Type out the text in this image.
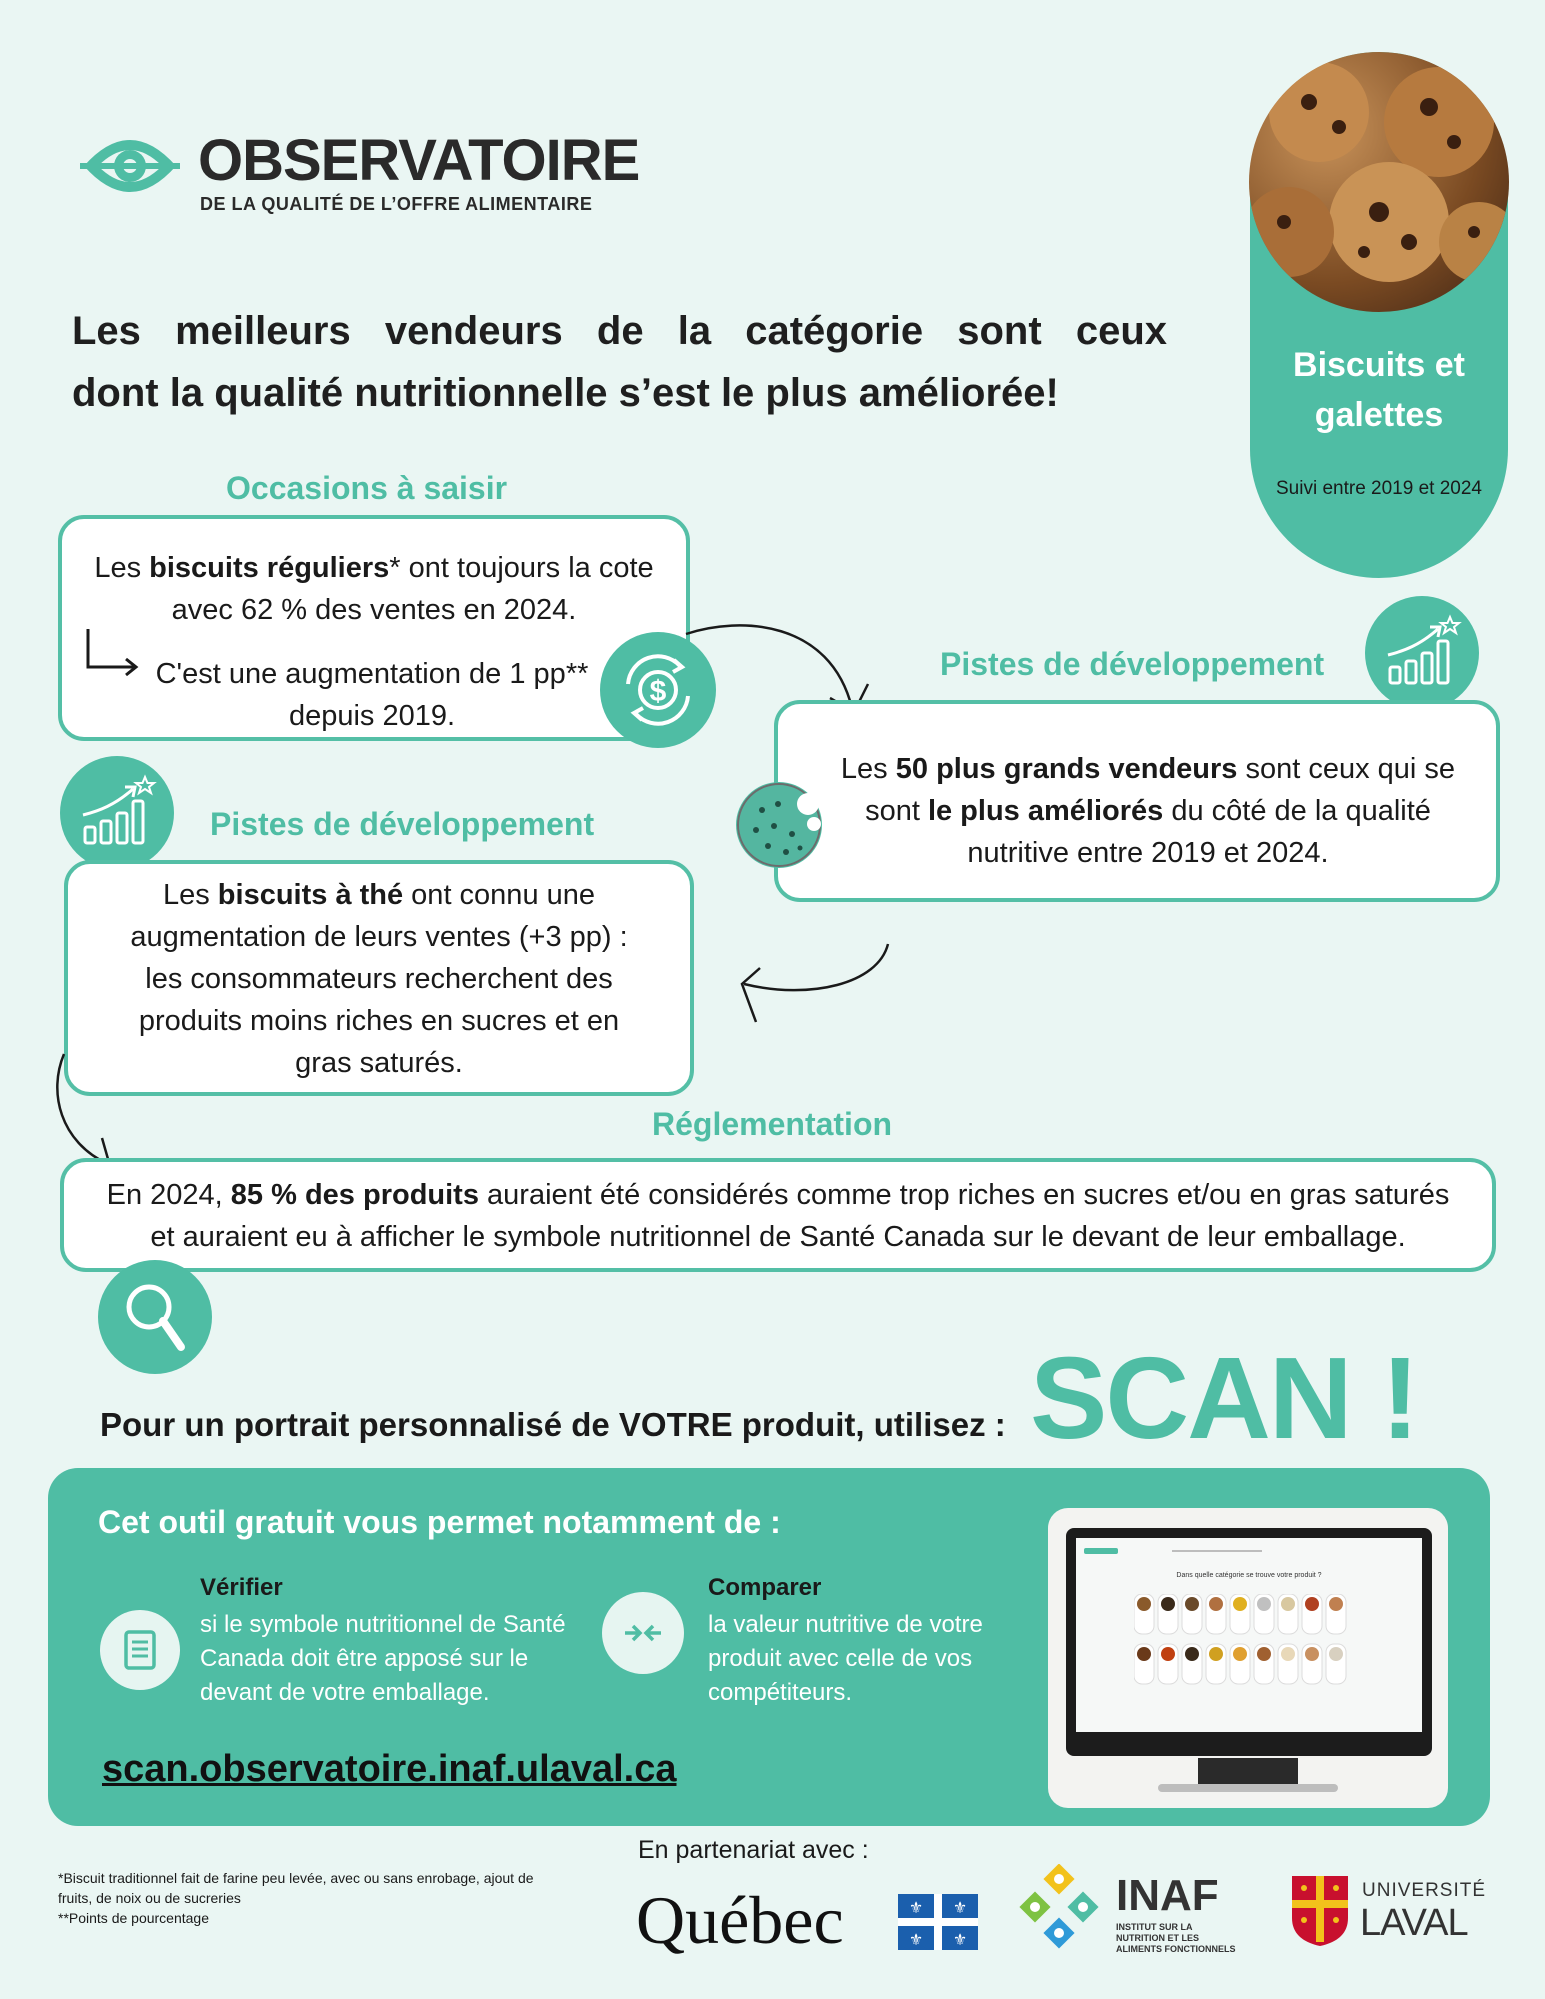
OBSERVATOIRE
DE LA QUALITÉ DE L’OFFRE ALIMENTAIRE
Biscuits et
galettes
Suivi entre 2019 et 2024
Les meilleurs vendeurs de la catégorie sont ceux
dont la qualité nutritionnelle s’est le plus améliorée!
Occasions à saisir
Les biscuits réguliers* ont toujours la cote
avec 62 % des ventes en 2024.
C'est une augmentation de 1 pp**
depuis 2019.
$
Pistes de développement
Les 50 plus grands vendeurs sont ceux qui se
sont le plus améliorés du côté de la qualité
nutritive entre 2019 et 2024.
Pistes de développement
Les biscuits à thé ont connu une
augmentation de leurs ventes (+3 pp) :
les consommateurs recherchent des
produits moins riches en sucres et en
gras saturés.
Réglementation
En 2024, 85 % des produits auraient été considérés comme trop riches en sucres et/ou en gras saturés
et auraient eu à afficher le symbole nutritionnel de Santé Canada sur le devant de leur emballage.
Pour un portrait personnalisé de VOTRE produit, utilisez : SCAN !
Cet outil gratuit vous permet notamment de :
Vérifier
si le symbole nutritionnel de Santé
Canada doit être apposé sur le
devant de votre emballage.
Comparer
la valeur nutritive de votre
produit avec celle de vos
compétiteurs.
scan.observatoire.inaf.ulaval.ca
Dans quelle catégorie se trouve votre produit ?
*Biscuit traditionnel fait de farine peu levée, avec ou sans enrobage, ajout de
fruits, de noix ou de sucreries
**Points de pourcentage
En partenariat avec :
Québec	⚜ ⚜
⚜ ⚜
INAF
INSTITUT SUR LA
NUTRITION ET LES
ALIMENTS FONCTIONNELS
UNIVERSITÉ
LAVAL
